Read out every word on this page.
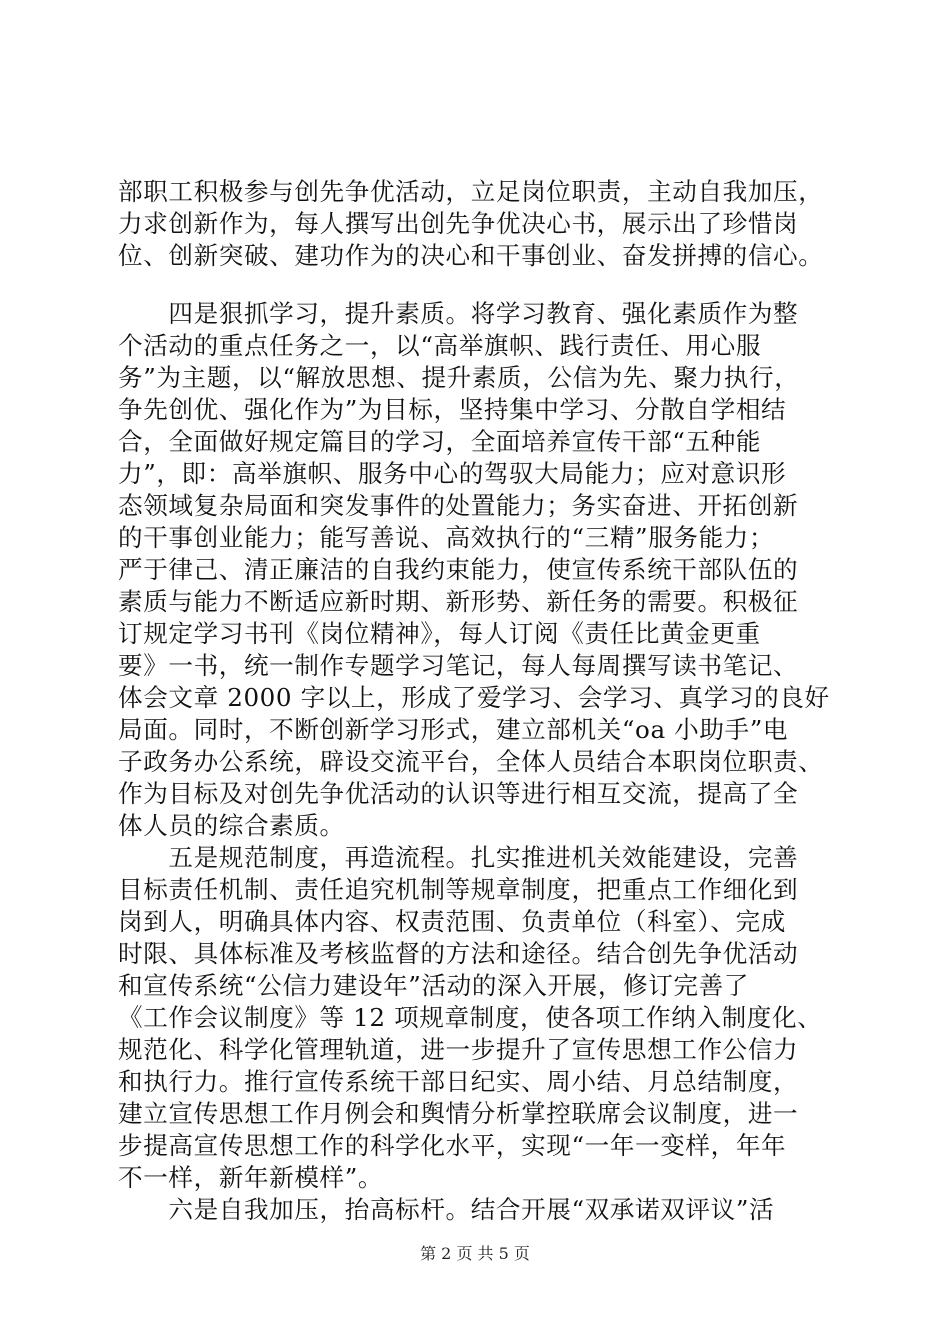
部职工积极参与创先争优活动，立足岗位职责，主动自我加压，
力求创新作为，每人撰写出创先争优决心书，展示出了珍惜岗
位、创新突破、建功作为的决心和干事创业、奋发拼搏的信心。
　　四是狠抓学习，提升素质。将学习教育、强化素质作为整
个活动的重点任务之一，以“高举旗帜、践行责任、用心服
务”为主题，以“解放思想、提升素质，公信为先、聚力执行，
争先创优、强化作为”为目标，坚持集中学习、分散自学相结
合，全面做好规定篇目的学习，全面培养宣传干部“五种能
力”，即：高举旗帜、服务中心的驾驭大局能力；应对意识形
态领域复杂局面和突发事件的处置能力；务实奋进、开拓创新
的干事创业能力；能写善说、高效执行的“三精”服务能力；
严于律己、清正廉洁的自我约束能力，使宣传系统干部队伍的
素质与能力不断适应新时期、新形势、新任务的需要。积极征
订规定学习书刊《岗位精神》，每人订阅《责任比黄金更重
要》一书，统一制作专题学习笔记，每人每周撰写读书笔记、
体会文章 2000 字以上，形成了爱学习、会学习、真学习的良好
局面。同时，不断创新学习形式，建立部机关“oa 小助手”电
子政务办公系统，辟设交流平台，全体人员结合本职岗位职责、
作为目标及对创先争优活动的认识等进行相互交流，提高了全
体人员的综合素质。
　　五是规范制度，再造流程。扎实推进机关效能建设，完善
目标责任机制、责任追究机制等规章制度，把重点工作细化到
岗到人，明确具体内容、权责范围、负责单位（科室）、完成
时限、具体标准及考核监督的方法和途径。结合创先争优活动
和宣传系统“公信力建设年”活动的深入开展，修订完善了
《工作会议制度》等 12 项规章制度，使各项工作纳入制度化、
规范化、科学化管理轨道，进一步提升了宣传思想工作公信力
和执行力。推行宣传系统干部日纪实、周小结、月总结制度，
建立宣传思想工作月例会和舆情分析掌控联席会议制度，进一
步提高宣传思想工作的科学化水平，实现“一年一变样，年年
不一样，新年新模样”。
　　六是自我加压，抬高标杆。结合开展“双承诺双评议”活
第 2 页 共 5 页
